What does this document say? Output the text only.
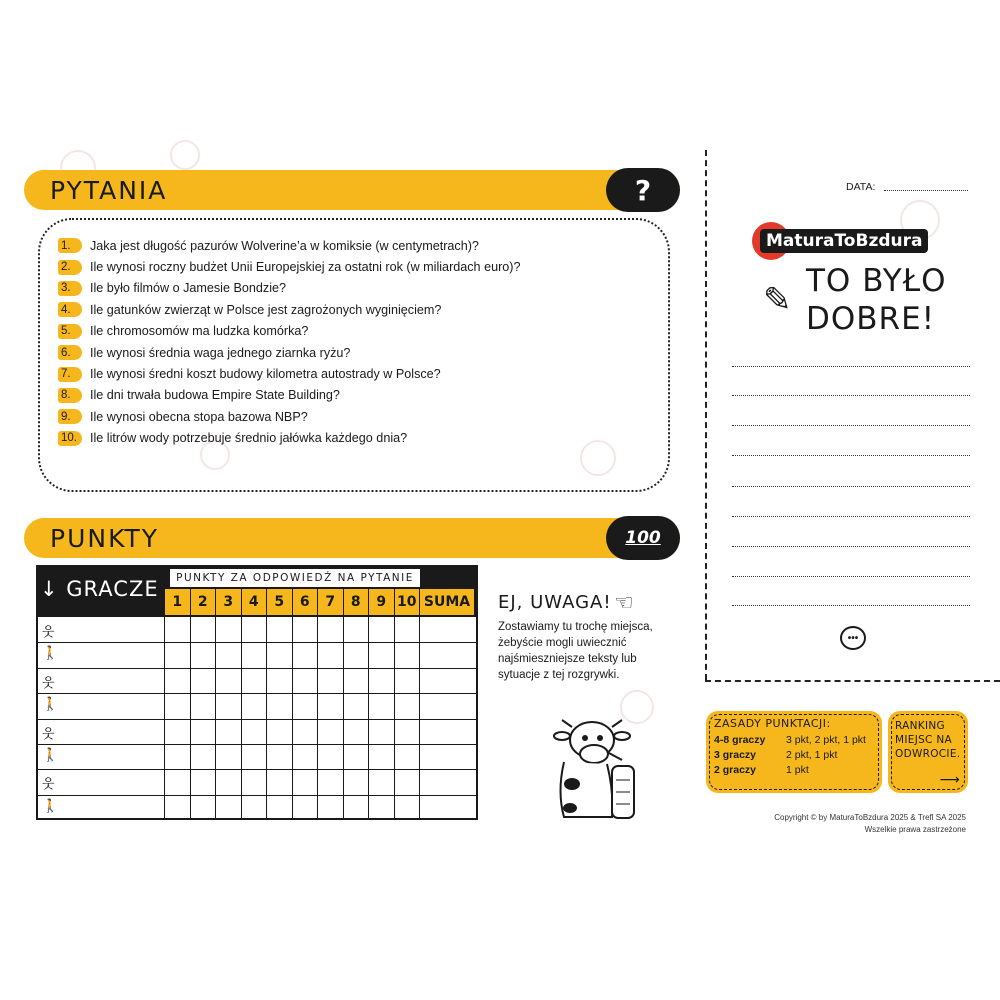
PYTANIA	?
1.	Jaka jest długość pazurów Wolverine’a w komiksie (w centymetrach)?
2.	Ile wynosi roczny budżet Unii Europejskiej za ostatni rok (w miliardach euro)?
3.	Ile było filmów o Jamesie Bondzie?
4.	Ile gatunków zwierząt w Polsce jest zagrożonych wyginięciem?
5.	Ile chromosomów ma ludzka komórka?
6.	Ile wynosi średnia waga jednego ziarnka ryżu?
7.	Ile wynosi średni koszt budowy kilometra autostrady w Polsce?
8.	Ile dni trwała budowa Empire State Building?
9.	Ile wynosi obecna stopa bazowa NBP?
10.	Ile litrów wody potrzebuje średnio jałówka każdego dnia?
PUNKTY	100
↓ GRACZE	PUNKTY ZA ODPOWIEDŹ NA PYTANIE
1	2	3	4	5	6	7	8	9 10 SUMA
웃
🚶
웃
🚶
웃
🚶
웃
🚶
EJ, UWAGA! ☜
Zostawiamy tu trochę miejsca, żebyście mogli uwiecznić najśmieszniejsze teksty lub sytuacje z tej rozgrywki.
DATA:
MaturaToBzdura
✎ TO BYŁO
DOBRE!
•••
ZASADY PUNKTACJI:
4-8 graczy	3 pkt, 2 pkt, 1 pkt
3 graczy	2 pkt, 1 pkt
2 graczy	1 pkt
RANKING
MIEJSC NA
ODWROCIE.
⟶
Copyright © by MaturaToBzdura 2025 & Trefl SA 2025
Wszelkie prawa zastrzeżone
